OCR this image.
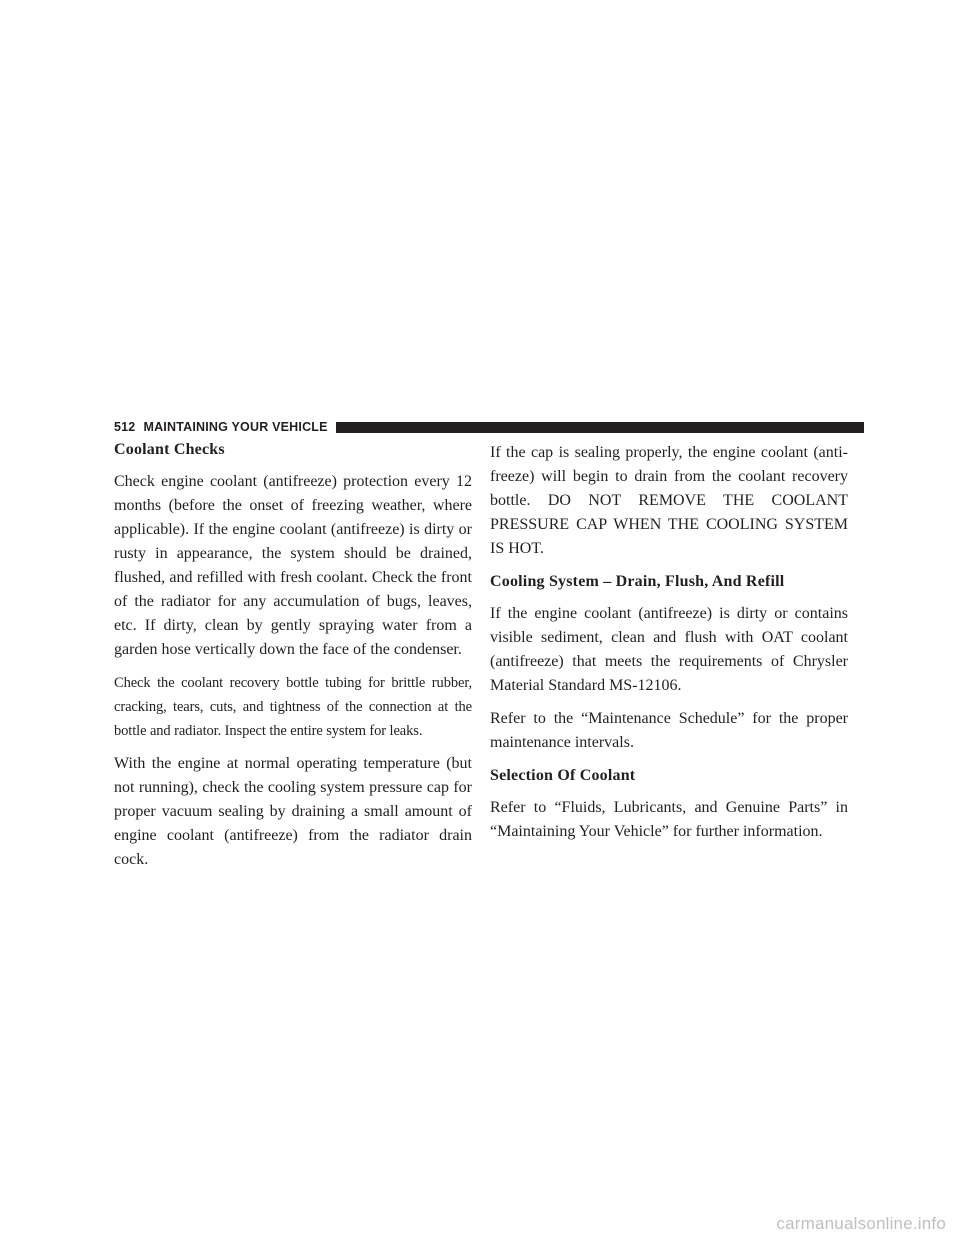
512 MAINTAINING YOUR VEHICLE
Coolant Checks

Check engine coolant (antifreeze) protection every 12 months (before the onset of freezing weather, where applicable). If the engine coolant (antifreeze) is dirty or rusty in appearance, the system should be drained, flushed, and refilled with fresh coolant. Check the front of the radiator for any accumulation of bugs, leaves, etc. If dirty, clean by gently spraying water from a garden hose vertically down the face of the condenser.

Check the coolant recovery bottle tubing for brittle rubber, cracking, tears, cuts, and tightness of the connection at the bottle and radiator. Inspect the entire system for leaks.

With the engine at normal operating temperature (but not running), check the cooling system pressure cap for proper vacuum sealing by draining a small amount of engine coolant (antifreeze) from the radiator drain cock.

If the cap is sealing properly, the engine coolant (anti-freeze) will begin to drain from the coolant recovery bottle. DO NOT REMOVE THE COOLANT PRESSURE CAP WHEN THE COOLING SYSTEM IS HOT.

Cooling System – Drain, Flush, And Refill

If the engine coolant (antifreeze) is dirty or contains visible sediment, clean and flush with OAT coolant (antifreeze) that meets the requirements of Chrysler Material Standard MS-12106.

Refer to the “Maintenance Schedule” for the proper maintenance intervals.

Selection Of Coolant

Refer to “Fluids, Lubricants, and Genuine Parts” in “Maintaining Your Vehicle” for further information.

carmanualsonline.info
